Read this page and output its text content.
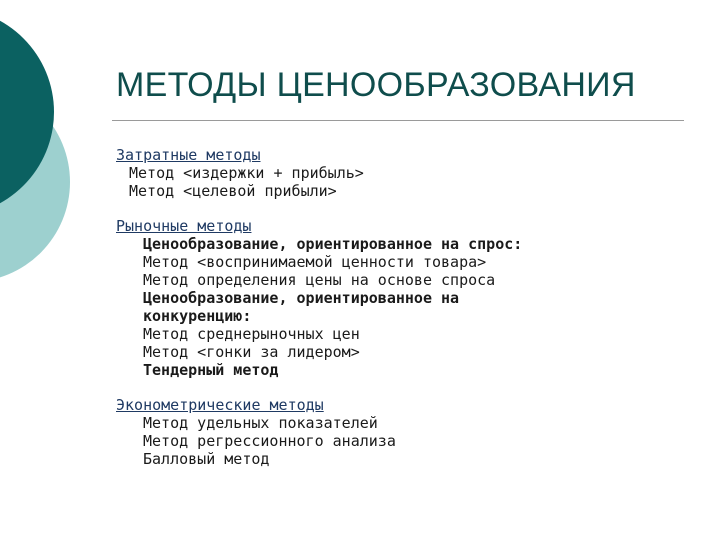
МЕТОДЫ ЦЕНООБРАЗОВАНИЯ
Затратные методы
Метод <издержки + прибыль>
Метод <целевой прибыли>
Рыночные методы
Ценообразование, ориентированное на спрос:
Метод <воспринимаемой ценности товара>
Метод определения цены на основе спроса
Ценообразование, ориентированное на
конкуренцию:
Метод среднерыночных цен
Метод <гонки за лидером>
Тендерный метод
Эконометрические методы
Метод удельных показателей
Метод регрессионного анализа
Балловый метод
